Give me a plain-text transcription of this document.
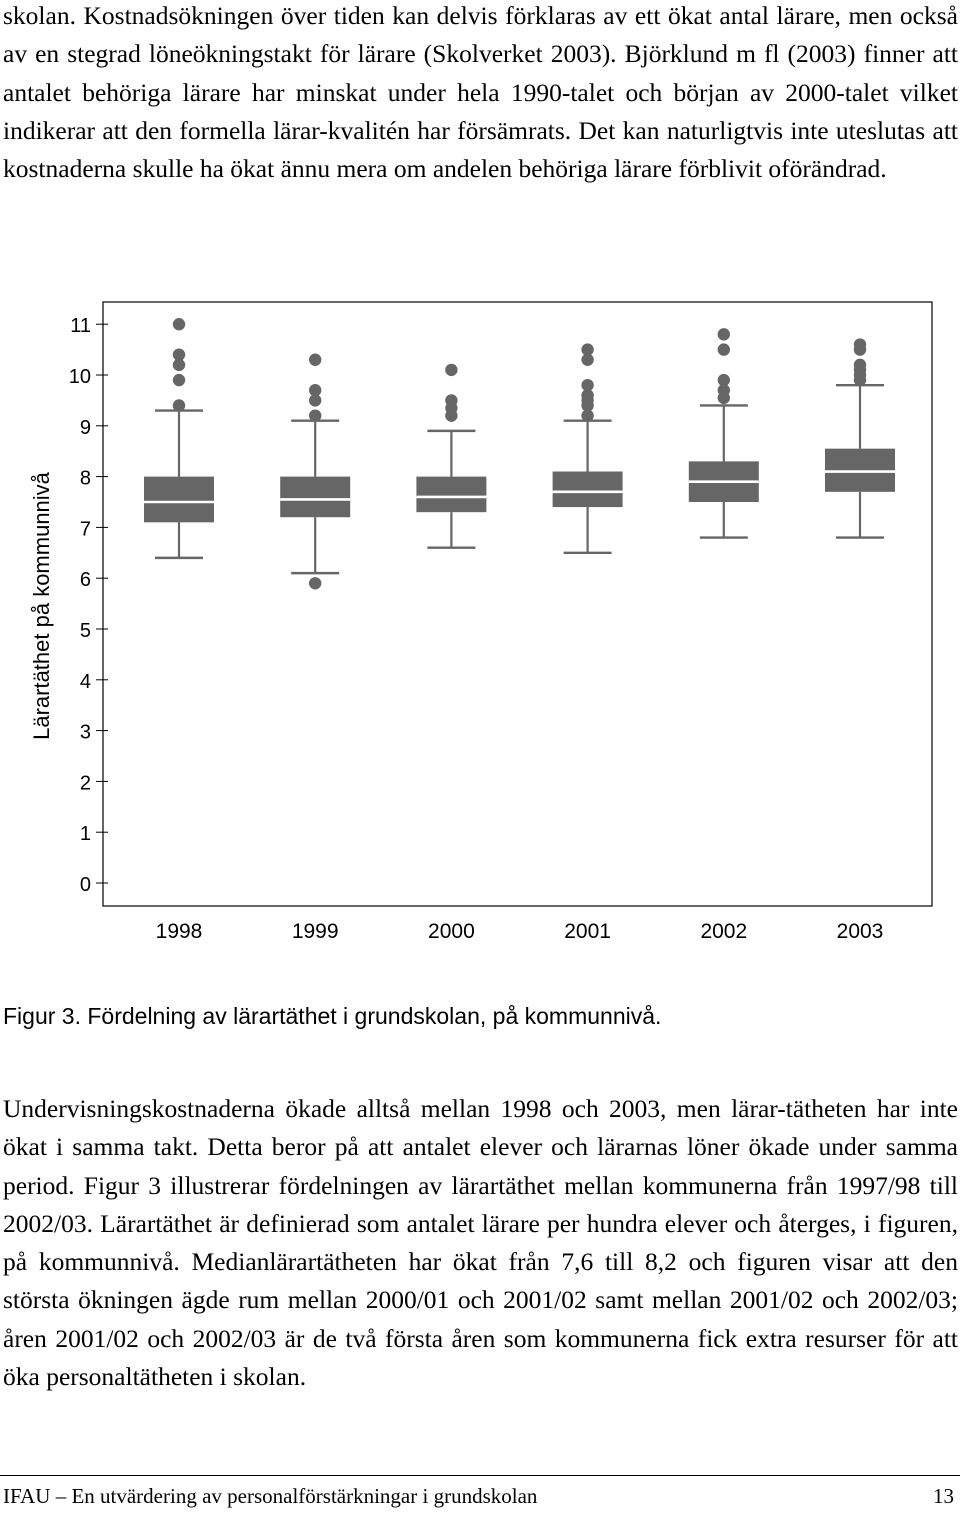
skolan. Kostnadsökningen över tiden kan delvis förklaras av ett ökat antal lärare, men också av en stegrad löneökningstakt för lärare (Skolverket 2003). Björklund m fl (2003) finner att antalet behöriga lärare har minskat under hela 1990-talet och början av 2000-talet vilket indikerar att den formella lärar-kvalitén har försämrats. Det kan naturligtvis inte uteslutas att kostnaderna skulle ha ökat ännu mera om andelen behöriga lärare förblivit oförändrad.

0
1
2
3
4
5
6
7
8
9
10
11
1998	1999	2000	2001	2002	2003
Lärartäthet på kommunnivå

Figur 3. Fördelning av lärartäthet i grundskolan, på kommunnivå.

Undervisningskostnaderna ökade alltså mellan 1998 och 2003, men lärar-tätheten har inte ökat i samma takt. Detta beror på att antalet elever och lärarnas löner ökade under samma period. Figur 3 illustrerar fördelningen av lärartäthet mellan kommunerna från 1997/98 till 2002/03. Lärartäthet är definierad som antalet lärare per hundra elever och återges, i figuren, på kommunnivå. Medianlärartätheten har ökat från 7,6 till 8,2 och figuren visar att den största ökningen ägde rum mellan 2000/01 och 2001/02 samt mellan 2001/02 och 2002/03; åren 2001/02 och 2002/03 är de två första åren som kommunerna fick extra resurser för att öka personaltätheten i skolan.

IFAU – En utvärdering av personalförstärkningar i grundskolan	13
